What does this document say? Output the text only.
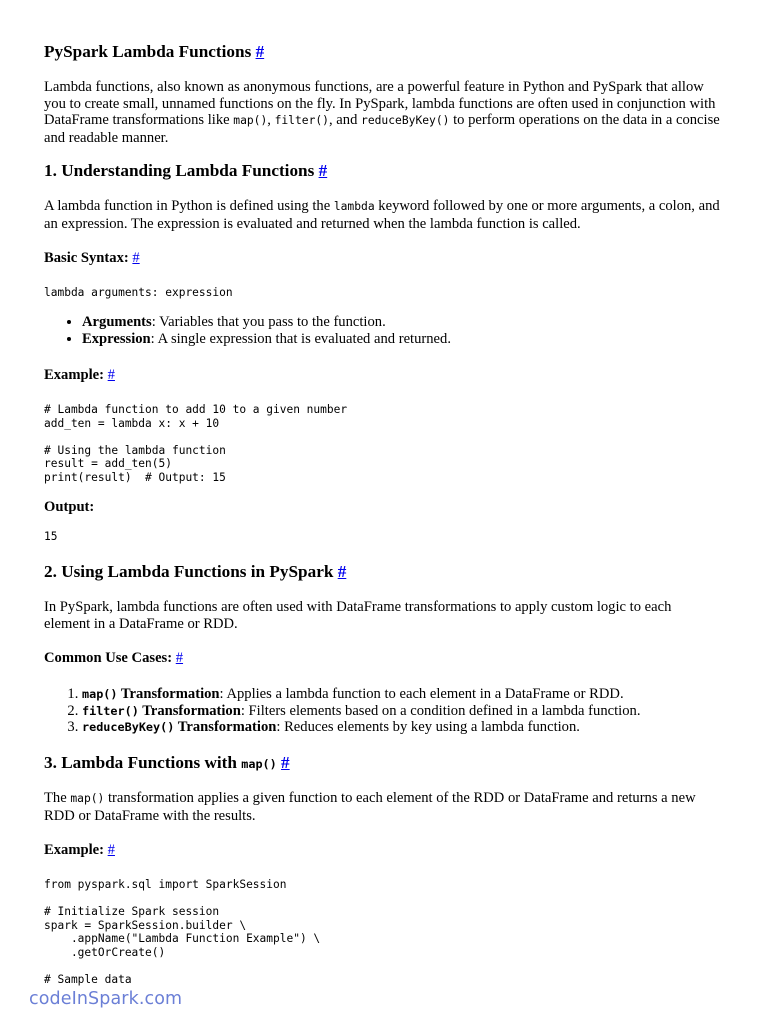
PySpark Lambda Functions #

Lambda functions, also known as anonymous functions, are a powerful feature in Python and PySpark that allow you to create small, unnamed functions on the fly. In PySpark, lambda functions are often used in conjunction with DataFrame transformations like map(), filter(), and reduceByKey() to perform operations on the data in a concise and readable manner.

1. Understanding Lambda Functions #

A lambda function in Python is defined using the lambda keyword followed by one or more arguments, a colon, and an expression. The expression is evaluated and returned when the lambda function is called.

Basic Syntax: #
lambda arguments: expression
• Arguments: Variables that you pass to the function.
• Expression: A single expression that is evaluated and returned.
Example: #
# Lambda function to add 10 to a given number
add_ten = lambda x: x + 10

# Using the lambda function
result = add_ten(5)
print(result)  # Output: 15
Output:
15
2. Using Lambda Functions in PySpark #

In PySpark, lambda functions are often used with DataFrame transformations to apply custom logic to each element in a DataFrame or RDD.

Common Use Cases: #
1. map() Transformation: Applies a lambda function to each element in a DataFrame or RDD.
2. filter() Transformation: Filters elements based on a condition defined in a lambda function.
3. reduceByKey() Transformation: Reduces elements by key using a lambda function.
3. Lambda Functions with map() #

The map() transformation applies a given function to each element of the RDD or DataFrame and returns a new RDD or DataFrame with the results.

Example: #
from pyspark.sql import SparkSession

# Initialize Spark session
spark = SparkSession.builder \
.appName("Lambda Function Example") \
.getOrCreate()

# Sample data
codeInSpark.com
